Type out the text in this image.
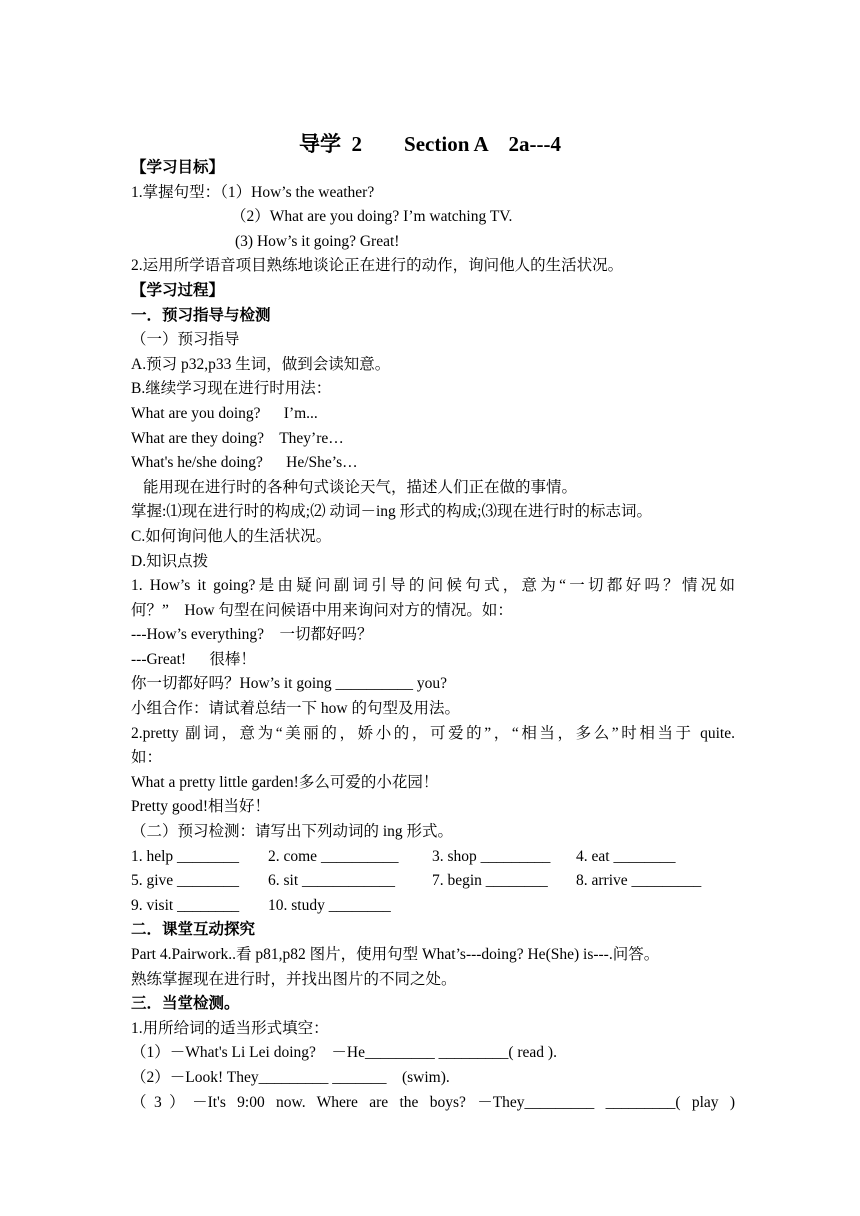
导学  2 Section A    2a---4
【学习目标】
1.掌握句型：（1）How’s the weather?
（2）What are you doing? I’m watching TV.
(3) How’s it going? Great!
2.运用所学语音项目熟练地谈论正在进行的动作，询问他人的生活状况。
【学习过程】
一．预习指导与检测
（一）预习指导
A.预习 p32,p33 生词，做到会读知意。
B.继续学习现在进行时用法：
What are you doing?      I’m...
What are they doing?    They’re…
What's he/she doing?      He/She’s…
能用现在进行时的各种句式谈论天气，描述人们正在做的事情。
掌握:⑴现在进行时的构成;⑵ 动词－ing 形式的构成;⑶现在进行时的标志词。
C.如何询问他人的生活状况。
D.知识点拨
1. How’s it going?是由疑问副词引导的问候句式，意为“一切都好吗？情况如
何？”    How 句型在问候语中用来询问对方的情况。如：
---How’s everything?    一切都好吗？
---Great!      很棒！
你一切都好吗？How’s it going __________ you?
小组合作：请试着总结一下 how 的句型及用法。
2.pretty 副词，意为“美丽的，娇小的，可爱的”，“相当，多么”时相当于 quite.
如：
What a pretty little garden!多么可爱的小花园！
Pretty good!相当好！
（二）预习检测：请写出下列动词的 ing 形式。
1. help ________	2. come __________	3. shop _________	4. eat ________
5. give ________	6. sit ____________	7. begin ________	8. arrive _________
9. visit ________	10. study ________
二．课堂互动探究
Part 4.Pairwork..看 p81,p82 图片，使用句型 What’s---doing? He(She) is---.问答。
熟练掌握现在进行时，并找出图片的不同之处。
三．当堂检测。
1.用所给词的适当形式填空：
（1）－What's Li Lei doing?    －He_________ _________( read ).
（2）－Look! They_________ _______    (swim).
（3）－It's 9:00 now. Where are the boys? －They_________ _________( play )
